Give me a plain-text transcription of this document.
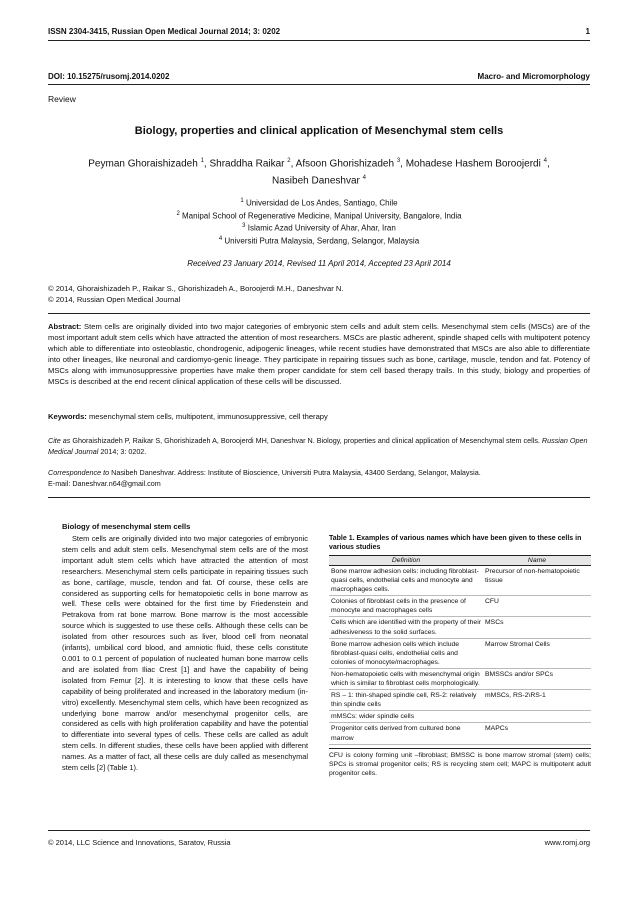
ISSN 2304-3415, Russian Open Medical Journal 2014; 3: 0202	1
DOI: 10.15275/rusomj.2014.0202	Macro- and Micromorphology
Review
Biology, properties and clinical application of Mesenchymal stem cells
Peyman Ghoraishizadeh $^1$, Shraddha Raikar $^2$, Afsoon Ghorishizadeh $^3$, Mohadese Hashem Boroojerdi $^4$,
Nasibeh Daneshvar $^4$
$^1$ Universidad de Los Andes, Santiago, Chile
$^2$ Manipal School of Regenerative Medicine, Manipal University, Bangalore, India
$^3$ Islamic Azad University of Ahar, Ahar, Iran
$^4$ Universiti Putra Malaysia, Serdang, Selangor, Malaysia
Received 23 January 2014, Revised 11 April 2014, Accepted 23 April 2014
© 2014, Ghoraishizadeh P., Raikar S., Ghorishizadeh A., Boroojerdi M.H., Daneshvar N.
© 2014, Russian Open Medical Journal
Abstract: Stem cells are originally divided into two major categories of embryonic stem cells and adult stem cells. Mesenchymal stem cells (MSCs) are of the most important adult stem cells which have attracted the attention of most researchers. MSCs are plastic adherent, spindle shaped cells with multipotent potency which able to differentiate into osteoblastic, chondrogenic, adipogenic lineages, while recent studies have demonstrated that MSCs are also able to differentiate into other lineages, like neuronal and cardiomyo-genic lineage. They participate in repairing tissues such as bone, cartilage, muscle, tendon and fat. Potency of MSCs along with immunosuppressive properties have make them proper candidate for stem cell based therapy trails. In this study, biology and properties of MSCs is described at the end recent clinical application of these cells will be discussed.
Keywords: mesenchymal stem cells, multipotent, immunosuppressive, cell therapy
Cite as Ghoraishizadeh P, Raikar S, Ghorishizadeh A, Boroojerdi MH, Daneshvar N. Biology, properties and clinical application of Mesenchymal stem cells. Russian Open Medical Journal 2014; 3: 0202.
Correspondence to Nasibeh Daneshvar. Address: Institute of Bioscience, Universiti Putra Malaysia, 43400 Serdang, Selangor, Malaysia.
E-mail: Daneshvar.n64@gmail.com
Biology of mesenchymal stem cells

Stem cells are originally divided into two major categories of embryonic stem cells and adult stem cells. Mesenchymal stem cells are of the most important adult stem cells which have attracted the attention of most researchers. Mesenchymal stem cells participate in repairing tissues such as bone, cartilage, muscle, tendon and fat. Of course, these cells are considered as supporting cells for hematopoietic cells in bone marrow as well. These cells were obtained for the first time by Friedenstein and Petrakova from rat bone marrow. Bone marrow is the most accessible source which is suggested to use these cells. Although these cells can be isolated from other resources such as liver, blood cell from neonatal (infants), umbilical cord blood, and amniotic fluid, these cells constitute 0.001 to 0.1 percent of population of nucleated human bone marrow cells and are isolated from Iliac Crest [1] and have the capability of being isolated from Femur [2]. It is interesting to know that these cells have capability of being proliferated and increased in the laboratory medium (in-vitro) excellently. Mesenchymal stem cells, which have been recognized as underlying bone marrow and/or mesenchymal progenitor cells, are considered as cells with high proliferation capability and have the potential to differentiate into several types of cells. These cells are called as adult stem cells. In different studies, these cells have been applied with different names. As a matter of fact, all these cells are duly called as mesenchymal stem cells [2] (Table 1).

Table 1. Examples of various names which have been given to these cells in various studies
Definition	Name
Bone marrow adhesion cells: including fibroblast-quasi cells, endothelial cells and monocyte and macrophages cells.	Precursor of non-hematopoietic tissue
Colonies of fibroblast cells in the presence of monocyte and macrophages cells	CFU
Cells which are identified with the property of their adhesiveness to the solid surfaces.	MSCs
Bone marrow adhesion cells which include fibroblast-quasi cells, endothelial cells and colonies of monocyte/macrophages.	Marrow Stromal Cells
Non-hematopoietic cells with mesenchymal origin which is similar to fibroblast cells morphologically.	BMSSCs and/or SPCs
RS – 1: thin-shaped spindle cell, RS-2: relatively thin spindle cells	mMSCs, RS-2\RS-1
mMSCs: wider spindle cells	
Progenitor cells derived from cultured bone marrow	MAPCs
CFU is colony forming unit –fibroblast; BMSSC is bone marrow stromal (stem) cells; SPCs is stromal progenitor cells; RS is recycling stem cell; MAPC is multipotent adult progenitor cells.
© 2014, LLC Science and Innovations, Saratov, Russia	www.romj.org
